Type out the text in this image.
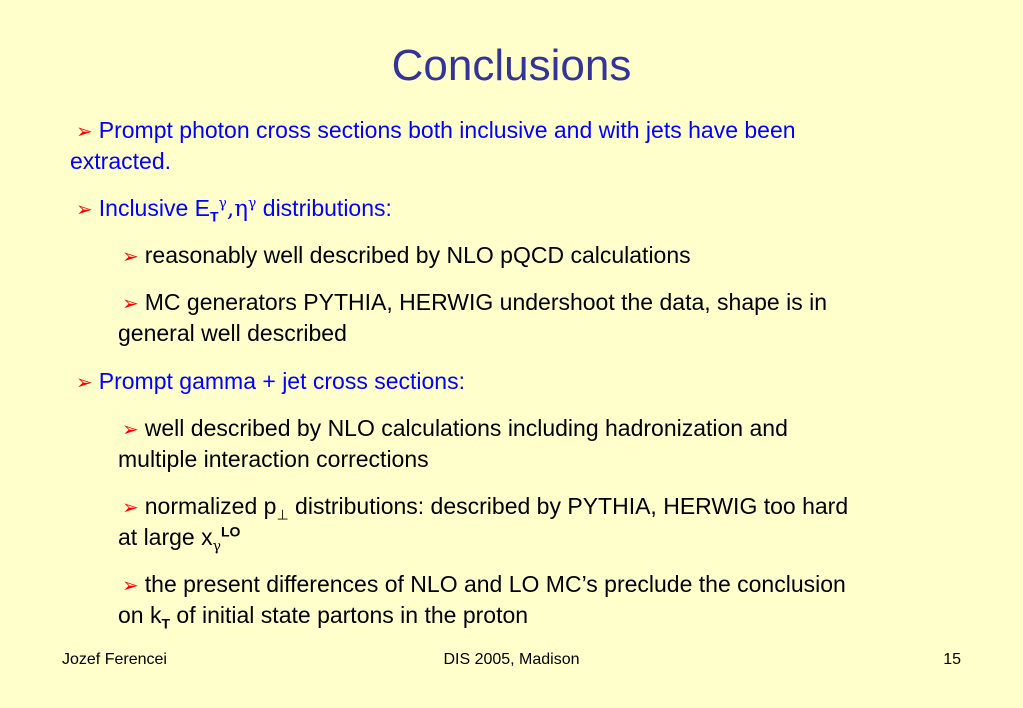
Conclusions
➢ Prompt photon cross sections both inclusive and with jets have been
extracted.
➢ Inclusive $E_T^\gamma,\eta^\gamma$ distributions:
➢ reasonably well described by NLO pQCD calculations
➢ MC generators PYTHIA, HERWIG undershoot the data, shape is in
general well described
➢ Prompt gamma + jet cross sections:
➢ well described by NLO calculations including hadronization and
multiple interaction corrections
➢ normalized $p_\perp$ distributions: described by PYTHIA, HERWIG too hard
at large $x_\gamma^{LO}$
➢ the present differences of NLO and LO MC’s preclude the conclusion
on $k_T$ of initial state partons in the proton
Jozef Ferencei	DIS 2005, Madison	15
